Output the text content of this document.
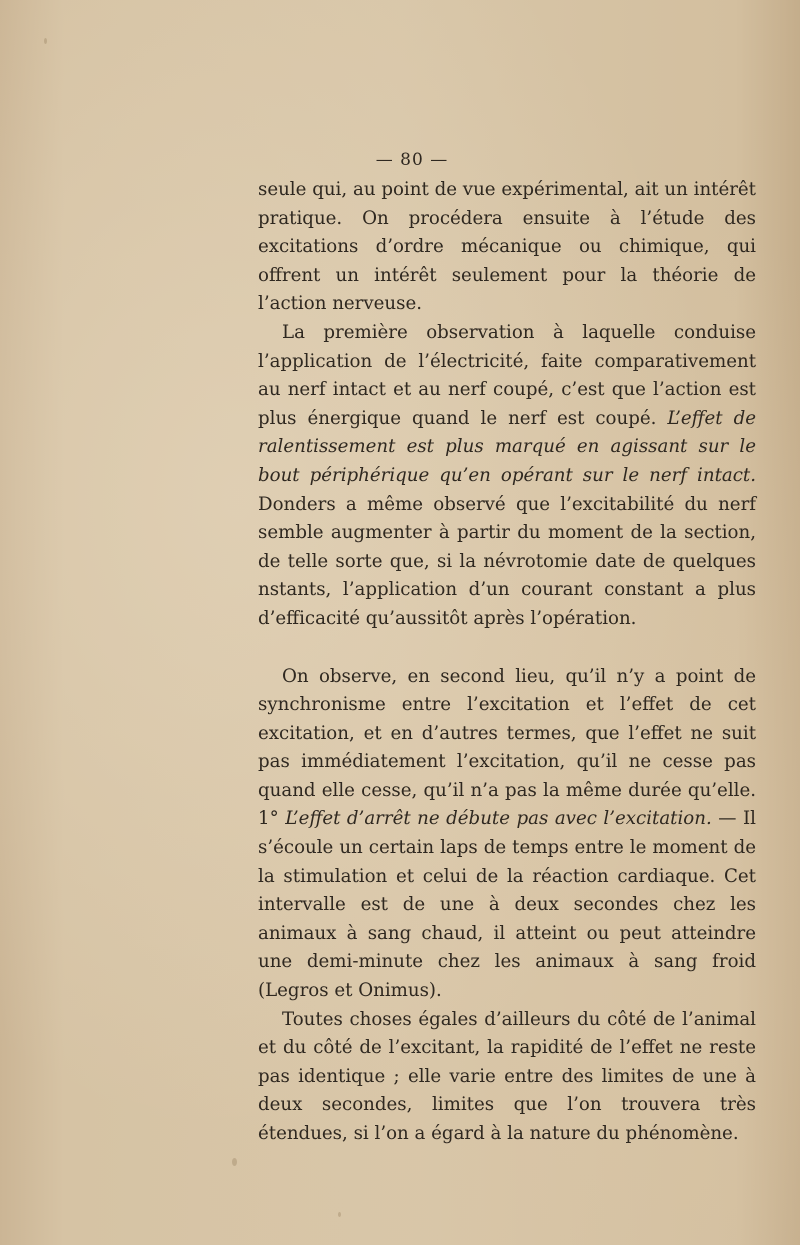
— 80 —

seule qui, au point de vue expérimental, ait un intérêt pratique. On procédera ensuite à l’étude des excitations d’ordre mécanique ou chimique, qui offrent un intérêt seulement pour la théorie de l’action nerveuse.

La première observation à laquelle conduise l’application de l’électricité, faite comparativement au nerf intact et au nerf coupé, c’est que l’action est plus énergique quand le nerf est coupé. L’effet de ralentissement est plus marqué en agissant sur le bout périphérique qu’en opérant sur le nerf intact. Donders a même observé que l’excitabilité du nerf semble augmenter à partir du moment de la section, de telle sorte que, si la névrotomie date de quelques nstants, l’application d’un courant constant a plus d’efficacité qu’aussitôt après l’opération.

On observe, en second lieu, qu’il n’y a point de synchronisme entre l’excitation et l’effet de cet excitation, et en d’autres termes, que l’effet ne suit pas immédiatement l’excitation, qu’il ne cesse pas quand elle cesse, qu’il n’a pas la même durée qu’elle. 1° L’effet d’arrêt ne débute pas avec l’excitation. — Il s’écoule un certain laps de temps entre le moment de la stimulation et celui de la réaction cardiaque. Cet intervalle est de une à deux secondes chez les animaux à sang chaud, il atteint ou peut atteindre une demi-minute chez les animaux à sang froid (Legros et Onimus).

Toutes choses égales d’ailleurs du côté de l’animal et du côté de l’excitant, la rapidité de l’effet ne reste pas identique ; elle varie entre des limites de une à deux secondes, limites que l’on trouvera très étendues, si l’on a égard à la nature du phénomène.
